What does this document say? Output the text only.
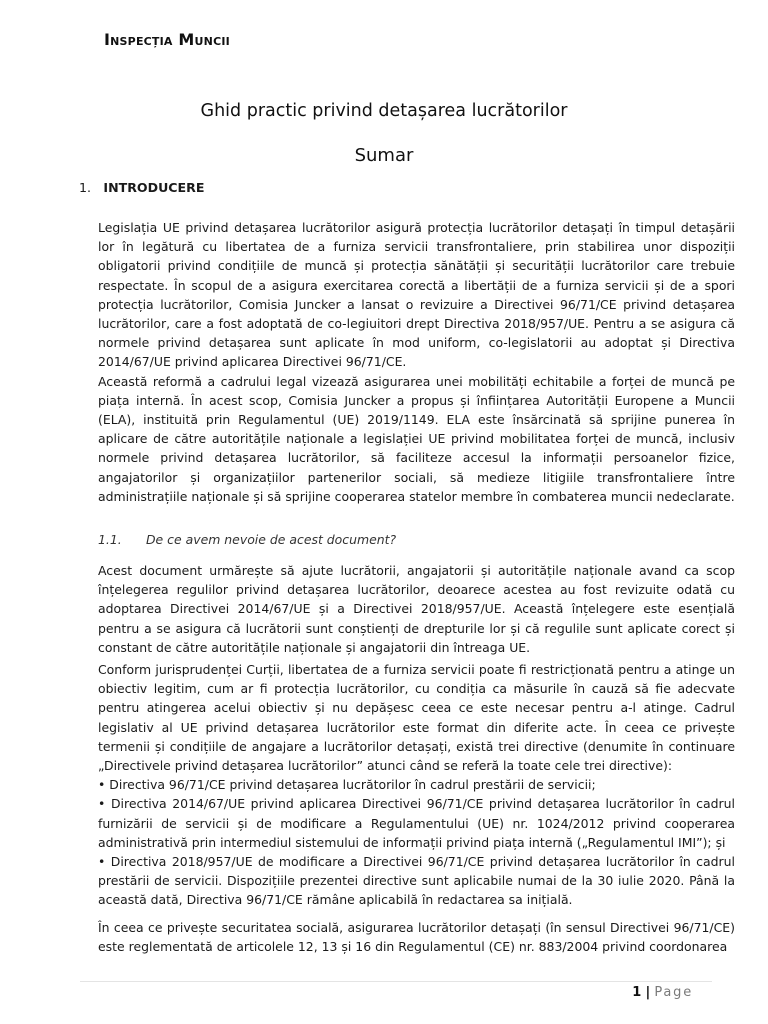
Inspecția Muncii
Ghid practic privind detașarea lucrătorilor
Sumar
1. INTRODUCERE

Legislația UE privind detașarea lucrătorilor asigură protecția lucrătorilor detașați în timpul detașării lor în legătură cu libertatea de a furniza servicii transfrontaliere, prin stabilirea unor dispoziții obligatorii privind condițiile de muncă și protecția sănătății și securității lucrătorilor care trebuie respectate. În scopul de a asigura exercitarea corectă a libertății de a furniza servicii și de a spori protecția lucrătorilor, Comisia Juncker a lansat o revizuire a Directivei 96/71/CE privind detașarea lucrătorilor, care a fost adoptată de co-legiuitori drept Directiva 2018/957/UE. Pentru a se asigura că normele privind detașarea sunt aplicate în mod uniform, co-legislatorii au adoptat și Directiva 2014/67/UE privind aplicarea Directivei 96/71/CE.

Această reformă a cadrului legal vizează asigurarea unei mobilități echitabile a forței de muncă pe piața internă. În acest scop, Comisia Juncker a propus și înființarea Autorității Europene a Muncii (ELA), instituită prin Regulamentul (UE) 2019/1149. ELA este însărcinată să sprijine punerea în aplicare de către autoritățile naționale a legislației UE privind mobilitatea forței de muncă, inclusiv normele privind detașarea lucrătorilor, să faciliteze accesul la informații persoanelor fizice, angajatorilor și organizațiilor partenerilor sociali, să medieze litigiile transfrontaliere între administrațiile naționale și să sprijine cooperarea statelor membre în combaterea muncii nedeclarate.

1.1. De ce avem nevoie de acest document?

Acest document urmărește să ajute lucrătorii, angajatorii și autoritățile naționale avand ca scop înțelegerea regulilor privind detașarea lucrătorilor, deoarece acestea au fost revizuite odată cu adoptarea Directivei 2014/67/UE și a Directivei 2018/957/UE. Această înțelegere este esențială pentru a se asigura că lucrătorii sunt conștienți de drepturile lor și că regulile sunt aplicate corect și constant de către autoritățile naționale și angajatorii din întreaga UE.

Conform jurisprudenței Curții, libertatea de a furniza servicii poate fi restricționată pentru a atinge un obiectiv legitim, cum ar fi protecția lucrătorilor, cu condiția ca măsurile în cauză să fie adecvate pentru atingerea acelui obiectiv și nu depășesc ceea ce este necesar pentru a-l atinge. Cadrul legislativ al UE privind detașarea lucrătorilor este format din diferite acte. În ceea ce privește termenii și condițiile de angajare a lucrătorilor detașați, există trei directive (denumite în continuare „Directivele privind detașarea lucrătorilor” atunci când se referă la toate cele trei directive):

• Directiva 96/71/CE privind detașarea lucrătorilor în cadrul prestării de servicii;

• Directiva 2014/67/UE privind aplicarea Directivei 96/71/CE privind detașarea lucrătorilor în cadrul furnizării de servicii și de modificare a Regulamentului (UE) nr. 1024/2012 privind cooperarea administrativă prin intermediul sistemului de informații privind piața internă („Regulamentul IMI”); și

• Directiva 2018/957/UE de modificare a Directivei 96/71/CE privind detașarea lucrătorilor în cadrul prestării de servicii. Dispozițiile prezentei directive sunt aplicabile numai de la 30 iulie 2020. Până la această dată, Directiva 96/71/CE rămâne aplicabilă în redactarea sa inițială.

În ceea ce privește securitatea socială, asigurarea lucrătorilor detașați (în sensul Directivei 96/71/CE) este reglementată de articolele 12, 13 și 16 din Regulamentul (CE) nr. 883/2004 privind coordonarea

1 | Page
